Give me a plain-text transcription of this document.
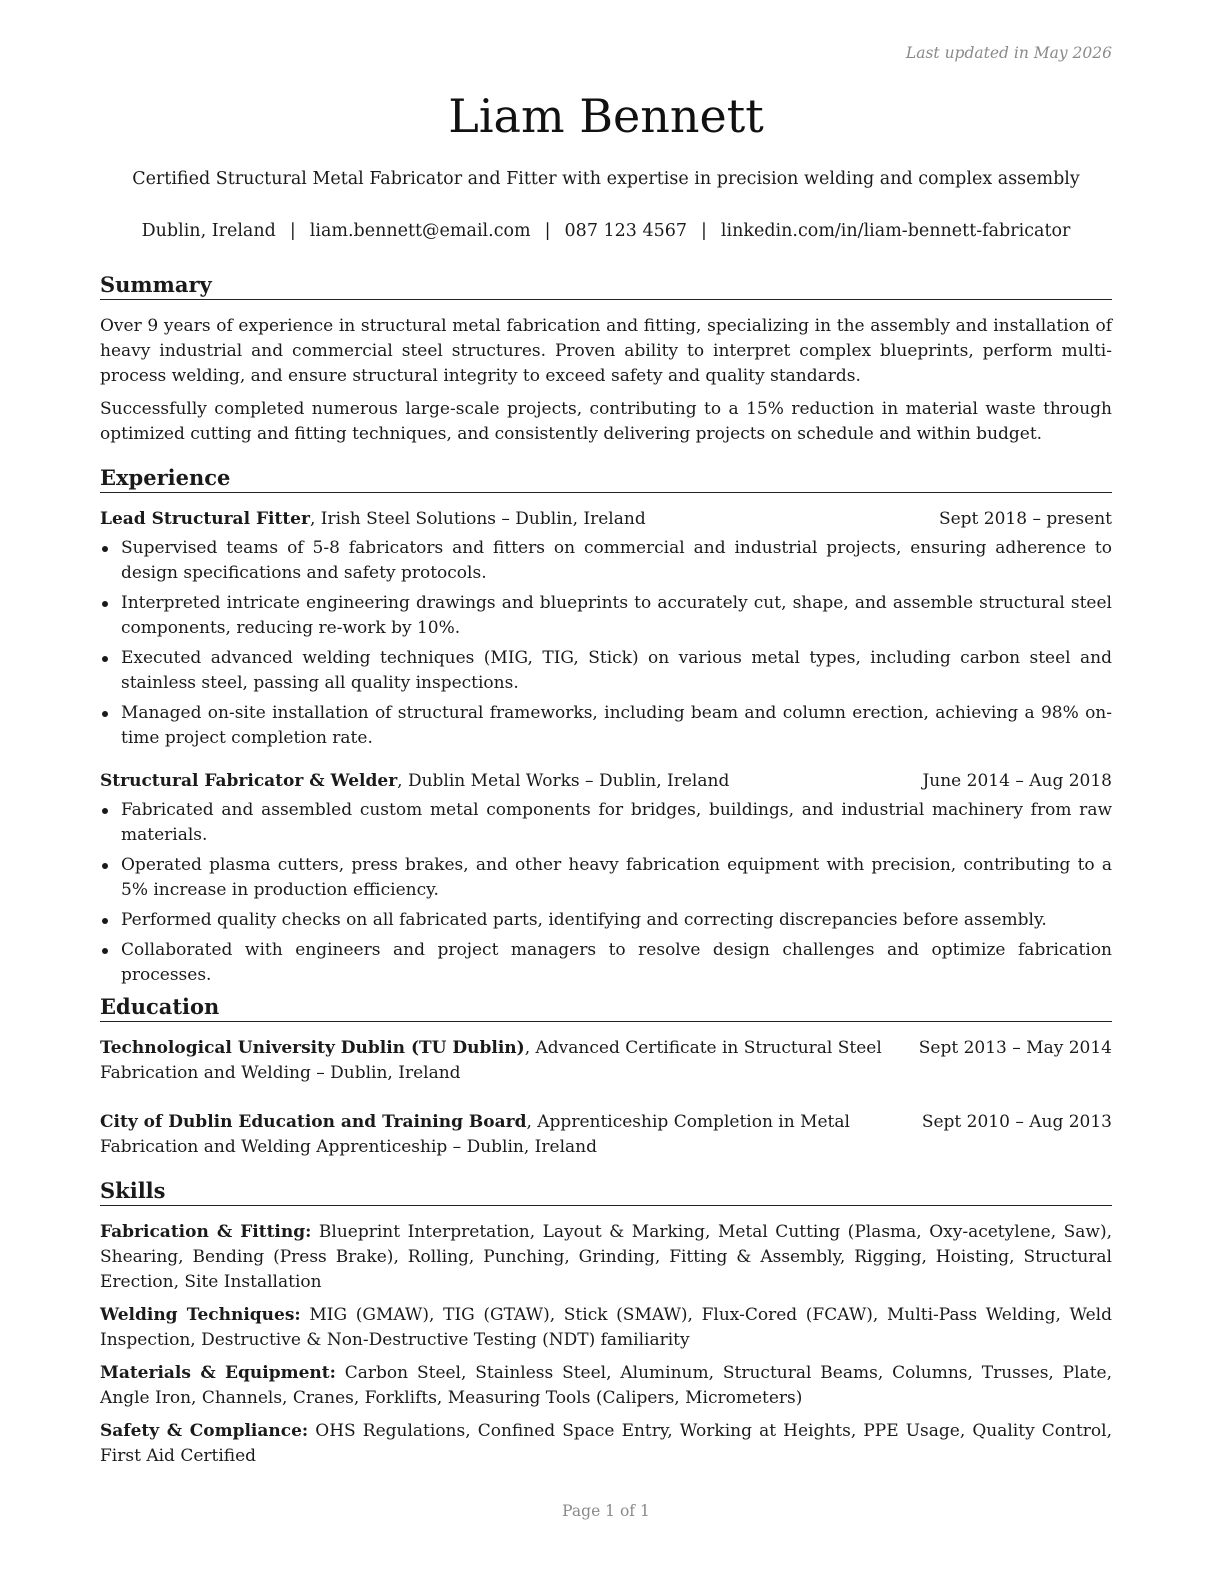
Last updated in May 2026
Liam Bennett
Certified Structural Metal Fabricator and Fitter with expertise in precision welding and complex assembly
Dublin, Ireland | liam.bennett@email.com | 087 123 4567 | linkedin.com/in/liam-bennett-fabricator
Summary

Over 9 years of experience in structural metal fabrication and fitting, specializing in the assembly and installation of heavy industrial and commercial steel structures. Proven ability to interpret complex blueprints, perform multi-process welding, and ensure structural integrity to exceed safety and quality standards.

Successfully completed numerous large-scale projects, contributing to a 15% reduction in material waste through optimized cutting and fitting techniques, and consistently delivering projects on schedule and within budget.

Experience
Lead Structural Fitter, Irish Steel Solutions – Dublin, Ireland	Sept 2018 – present
Supervised teams of 5-8 fabricators and fitters on commercial and industrial projects, ensuring adherence to design specifications and safety protocols.
Interpreted intricate engineering drawings and blueprints to accurately cut, shape, and assemble structural steel components, reducing re-work by 10%.
Executed advanced welding techniques (MIG, TIG, Stick) on various metal types, including carbon steel and stainless steel, passing all quality inspections.
Managed on-site installation of structural frameworks, including beam and column erection, achieving a 98% on-time project completion rate.
Structural Fabricator & Welder, Dublin Metal Works – Dublin, Ireland	June 2014 – Aug 2018
Fabricated and assembled custom metal components for bridges, buildings, and industrial machinery from raw materials.
Operated plasma cutters, press brakes, and other heavy fabrication equipment with precision, contributing to a 5% increase in production efficiency.
Performed quality checks on all fabricated parts, identifying and correcting discrepancies before assembly.
Collaborated with engineers and project managers to resolve design challenges and optimize fabrication processes.
Education
Technological University Dublin (TU Dublin), Advanced Certificate in Structural Steel Fabrication and Welding – Dublin, Ireland
Sept 2013 – May 2014
City of Dublin Education and Training Board, Apprenticeship Completion in Metal Fabrication and Welding Apprenticeship – Dublin, Ireland
Sept 2010 – Aug 2013
Skills
Fabrication & Fitting: Blueprint Interpretation, Layout & Marking, Metal Cutting (Plasma, Oxy-acetylene, Saw), Shearing, Bending (Press Brake), Rolling, Punching, Grinding, Fitting & Assembly, Rigging, Hoisting, Structural Erection, Site Installation
Welding Techniques: MIG (GMAW), TIG (GTAW), Stick (SMAW), Flux-Cored (FCAW), Multi-Pass Welding, Weld Inspection, Destructive & Non-Destructive Testing (NDT) familiarity
Materials & Equipment: Carbon Steel, Stainless Steel, Aluminum, Structural Beams, Columns, Trusses, Plate, Angle Iron, Channels, Cranes, Forklifts, Measuring Tools (Calipers, Micrometers)
Safety & Compliance: OHS Regulations, Confined Space Entry, Working at Heights, PPE Usage, Quality Control, First Aid Certified
Page 1 of 1
